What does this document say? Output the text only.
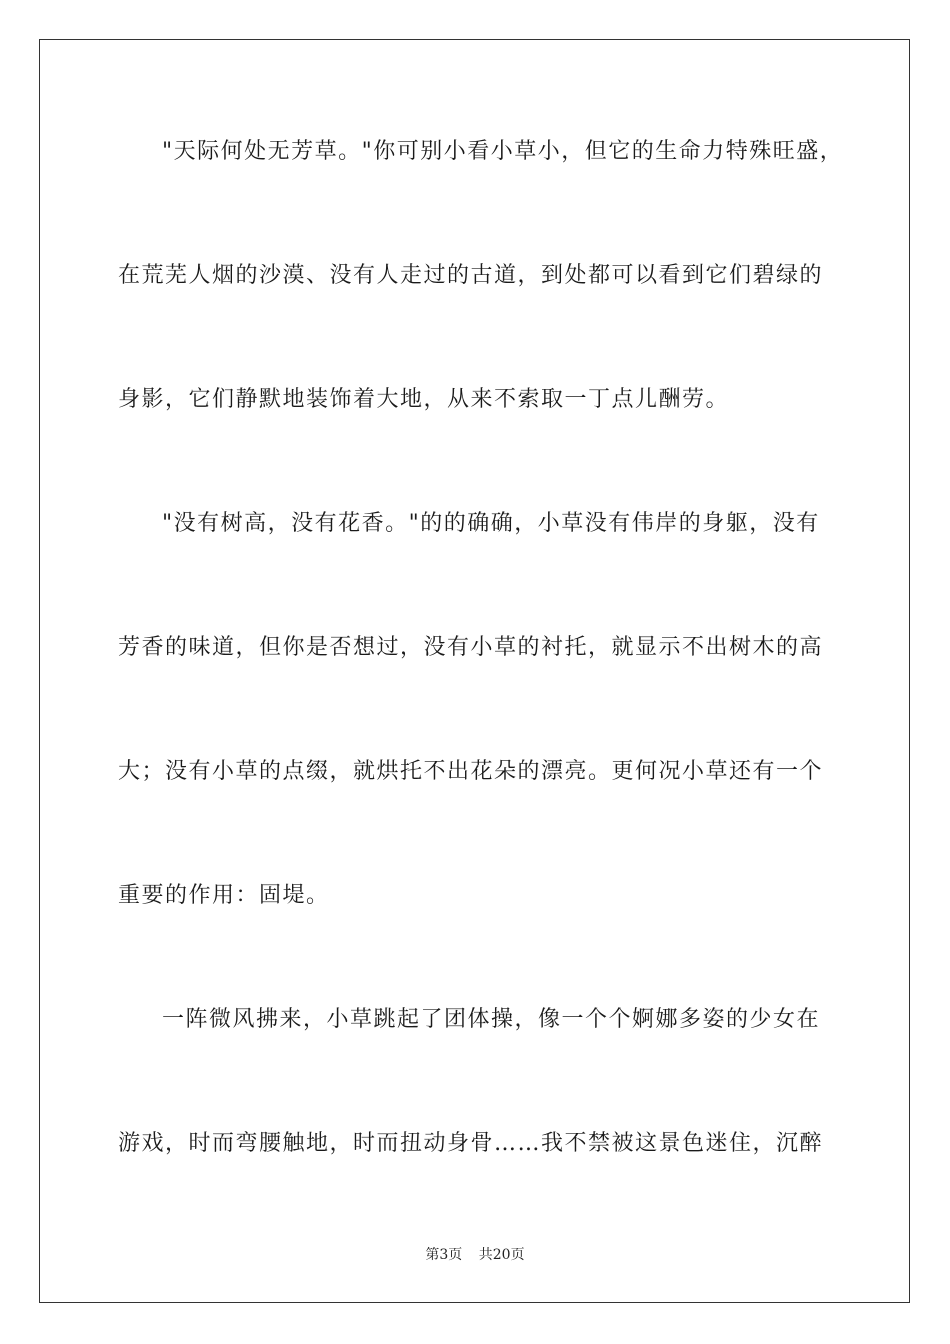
"天际何处无芳草。"你可别小看小草小，但它的生命力特殊旺盛，
在荒芜人烟的沙漠、没有人走过的古道，到处都可以看到它们碧绿的
身影，它们静默地装饰着大地，从来不索取一丁点儿酬劳。
"没有树高，没有花香。"的的确确，小草没有伟岸的身躯，没有
芳香的味道，但你是否想过，没有小草的衬托，就显示不出树木的高
大；没有小草的点缀，就烘托不出花朵的漂亮。更何况小草还有一个
重要的作用：固堤。
一阵微风拂来，小草跳起了团体操，像一个个婀娜多姿的少女在
游戏，时而弯腰触地，时而扭动身骨……我不禁被这景色迷住，沉醉
第3页 共20页
